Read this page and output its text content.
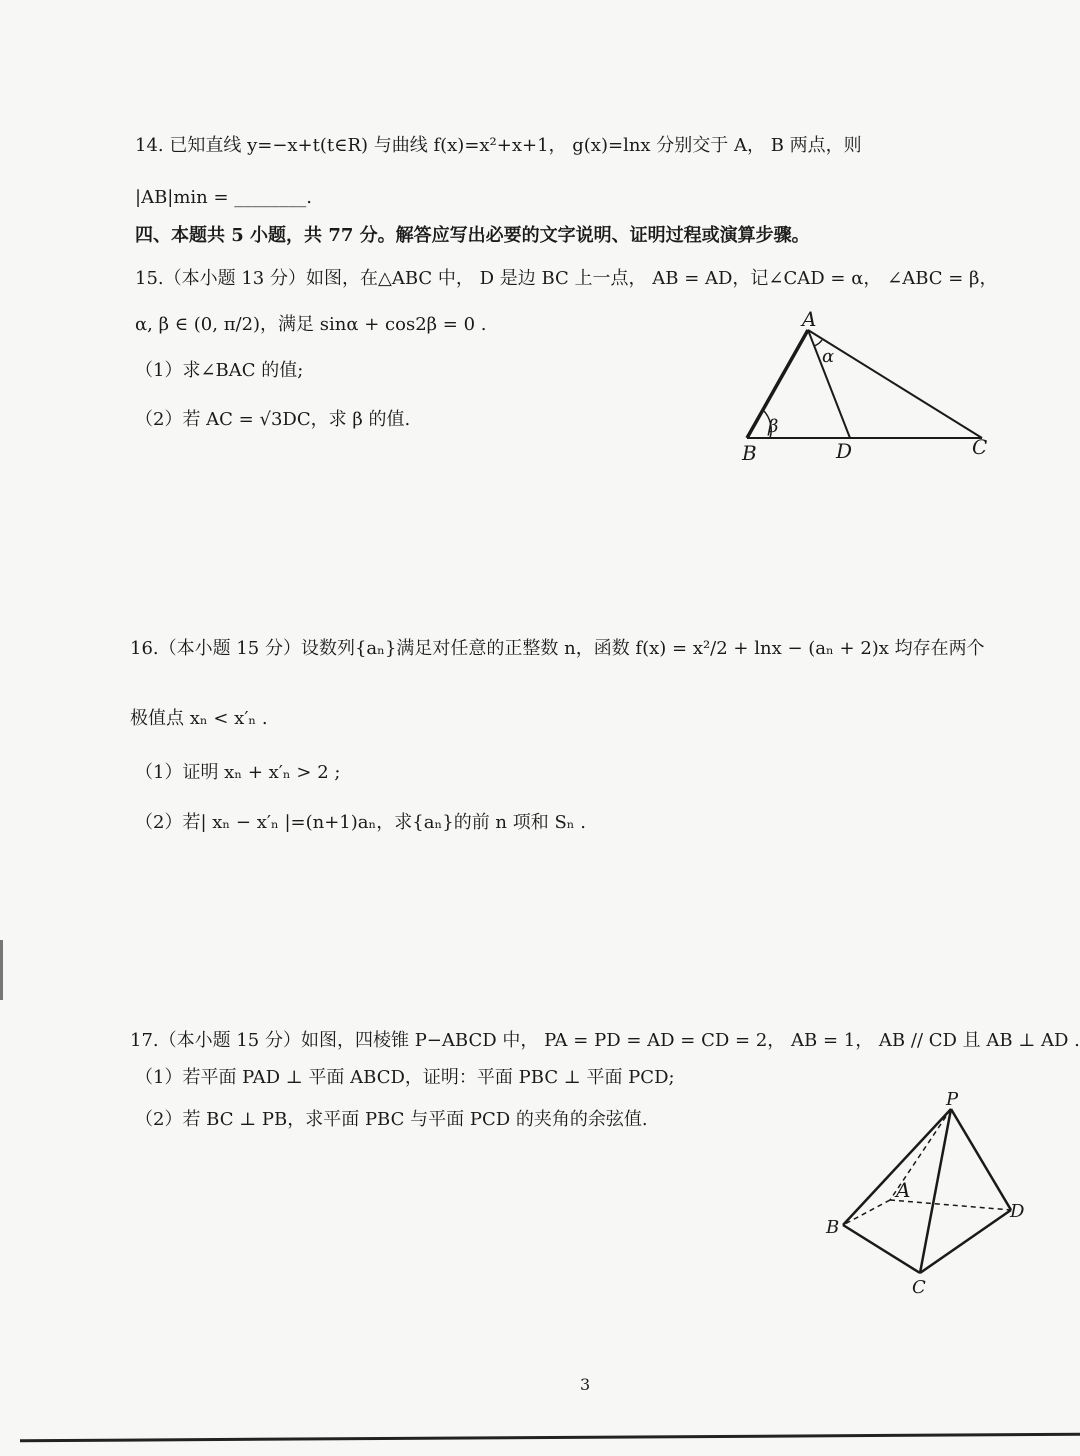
14. 已知直线 y=−x+t(t∈R) 与曲线 f(x)=x²+x+1， g(x)=lnx 分别交于 A， B 两点，则
|AB|min = ________.
四、本题共 5 小题，共 77 分。解答应写出必要的文字说明、证明过程或演算步骤。
15.（本小题 13 分）如图，在△ABC 中， D 是边 BC 上一点， AB = AD，记∠CAD = α， ∠ABC = β，
α, β ∈ (0, π/2)，满足 sinα + cos2β = 0 .
（1）求∠BAC 的值;
（2）若 AC = √3DC，求 β 的值.
A
B	D	C
α
β
16.（本小题 15 分）设数列{aₙ}满足对任意的正整数 n，函数 f(x) = x²/2 + lnx − (aₙ + 2)x 均存在两个
极值点 xₙ < x′ₙ .
（1）证明 xₙ + x′ₙ > 2 ;
（2）若| xₙ − x′ₙ |=(n+1)aₙ，求{aₙ}的前 n 项和 Sₙ .
17.（本小题 15 分）如图，四棱锥 P−ABCD 中， PA = PD = AD = CD = 2， AB = 1， AB // CD 且 AB ⊥ AD .
（1）若平面 PAD ⊥ 平面 ABCD，证明：平面 PBC ⊥ 平面 PCD;
（2）若 BC ⊥ PB，求平面 PBC 与平面 PCD 的夹角的余弦值.
P
A
B
C
D
3
